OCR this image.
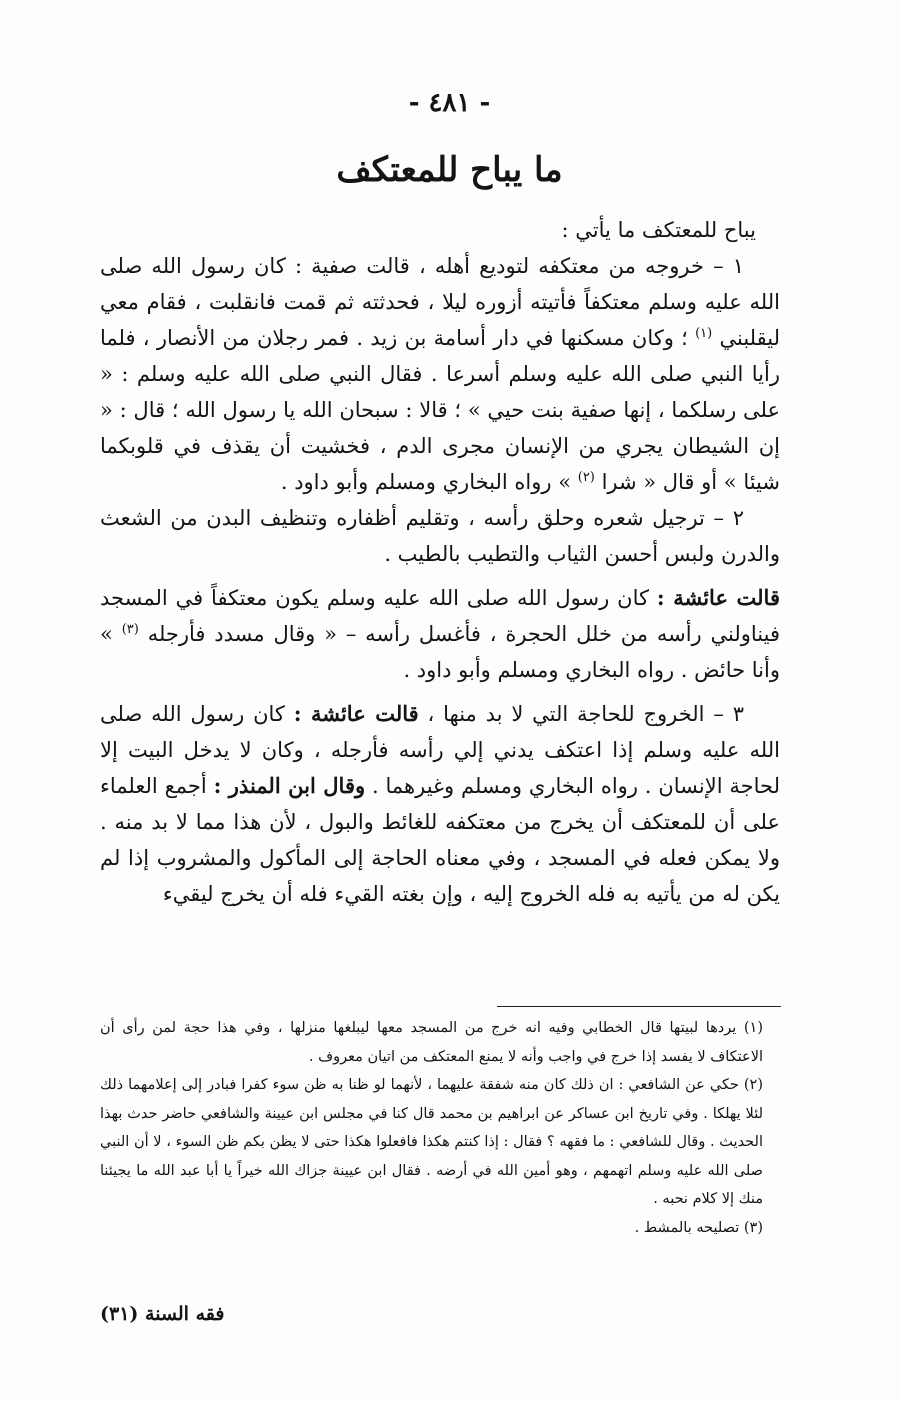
- ٤٨١ -
ما يباح للمعتكف

يباح للمعتكف ما يأتي :

١ – خروجه من معتكفه لتوديع أهله ، قالت صفية : كان رسول الله صلى الله عليه وسلم معتكفاً فأتيته أزوره ليلا ، فحدثته ثم قمت فانقلبت ، فقام معي ليقلبني $^{(١)}$ ؛ وكان مسكنها في دار أسامة بن زيد . فمر رجلان من الأنصار ، فلما رأيا النبي صلى الله عليه وسلم أسرعا . فقال النبي صلى الله عليه وسلم : « على رسلكما ، إنها صفية بنت حيي » ؛ قالا : سبحان الله يا رسول الله ؛ قال : « إن الشيطان يجري من الإنسان مجرى الدم ، فخشيت أن يقذف في قلوبكما شيئا » أو قال « شرا $^{(٢)}$ » رواه البخاري ومسلم وأبو داود .

٢ – ترجيل شعره وحلق رأسه ، وتقليم أظفاره وتنظيف البدن من الشعث والدرن ولبس أحسن الثياب والتطيب بالطيب .

قالت عائشة : كان رسول الله صلى الله عليه وسلم يكون معتكفاً في المسجد فيناولني رأسه من خلل الحجرة ، فأغسل رأسه – « وقال مسدد فأرجله $^{(٣)}$ » وأنا حائض . رواه البخاري ومسلم وأبو داود .

٣ – الخروج للحاجة التي لا بد منها ، قالت عائشة : كان رسول الله صلى الله عليه وسلم إذا اعتكف يدني إلي رأسه فأرجله ، وكان لا يدخل البيت إلا لحاجة الإنسان . رواه البخاري ومسلم وغيرهما . وقال ابن المنذر : أجمع العلماء على أن للمعتكف أن يخرج من معتكفه للغائط والبول ، لأن هذا مما لا بد منه . ولا يمكن فعله في المسجد ، وفي معناه الحاجة إلى المأكول والمشروب إذا لم يكن له من يأتيه به فله الخروج إليه ، وإن بغته القيء فله أن يخرج ليقيء

(١) يردها لبيتها قال الخطابي وفيه انه خرج من المسجد معها ليبلغها منزلها ، وفي هذا حجة لمن رأى أن الاعتكاف لا يفسد إذا خرج في واجب وأنه لا يمنع المعتكف من اتيان معروف .

(٢) حكي عن الشافعي : ان ذلك كان منه شفقة عليهما ، لأنهما لو ظنا به ظن سوء كفرا فبادر إلى إعلامهما ذلك لئلا يهلكا . وفي تاريخ ابن عساكر عن ابراهيم بن محمد قال كنا في مجلس ابن عيينة والشافعي حاضر حدث بهذا الحديث . وقال للشافعي : ما فقهه ؟ فقال : إذا كنتم هكذا فافعلوا هكذا حتى لا يظن بكم ظن السوء ، لا أن النبي صلى الله عليه وسلم اتهمهم ، وهو أمين الله في أرضه . فقال ابن عيينة جزاك الله خيراً يا أبا عبد الله ما يجيئنا منك إلا كلام نحبه .

(٣) تصليحه بالمشط .

فقه السنة (٣١)
